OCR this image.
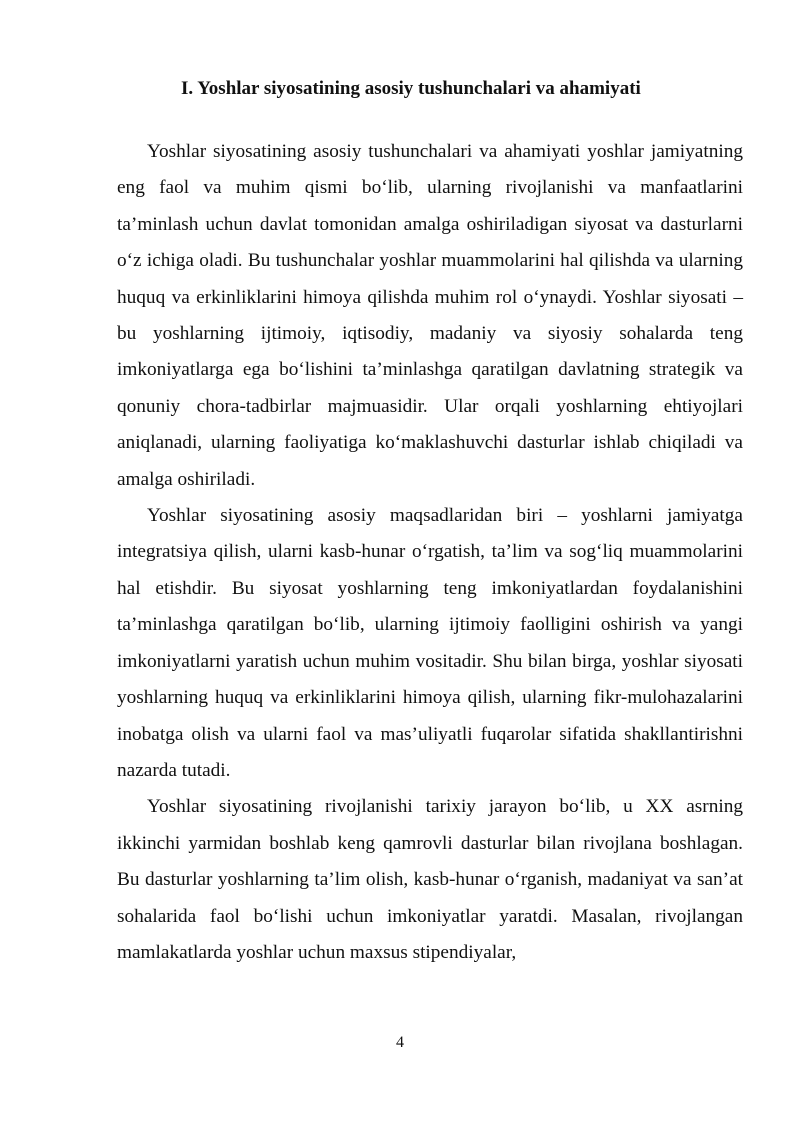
I. Yoshlar siyosatining asosiy tushunchalari va ahamiyati

Yoshlar siyosatining asosiy tushunchalari va ahamiyati yoshlar jamiyatning eng faol va muhim qismi bo‘lib, ularning rivojlanishi va manfaatlarini ta’minlash uchun davlat tomonidan amalga oshiriladigan siyosat va dasturlarni o‘z ichiga oladi. Bu tushunchalar yoshlar muammolarini hal qilishda va ularning huquq va erkinliklarini himoya qilishda muhim rol o‘ynaydi. Yoshlar siyosati – bu yoshlarning ijtimoiy, iqtisodiy, madaniy va siyosiy sohalarda teng imkoniyatlarga ega bo‘lishini ta’minlashga qaratilgan davlatning strategik va qonuniy chora-tadbirlar majmuasidir. Ular orqali yoshlarning ehtiyojlari aniqlanadi, ularning faoliyatiga ko‘maklashuvchi dasturlar ishlab chiqiladi va amalga oshiriladi.

Yoshlar siyosatining asosiy maqsadlaridan biri – yoshlarni jamiyatga integratsiya qilish, ularni kasb-hunar o‘rgatish, ta’lim va sog‘liq muammolarini hal etishdir. Bu siyosat yoshlarning teng imkoniyatlardan foydalanishini ta’minlashga qaratilgan bo‘lib, ularning ijtimoiy faolligini oshirish va yangi imkoniyatlarni yaratish uchun muhim vositadir. Shu bilan birga, yoshlar siyosati yoshlarning huquq va erkinliklarini himoya qilish, ularning fikr-mulohazalarini inobatga olish va ularni faol va mas’uliyatli fuqarolar sifatida shakllantirishni nazarda tutadi.

Yoshlar siyosatining rivojlanishi tarixiy jarayon bo‘lib, u XX asrning ikkinchi yarmidan boshlab keng qamrovli dasturlar bilan rivojlana boshlagan. Bu dasturlar yoshlarning ta’lim olish, kasb-hunar o‘rganish, madaniyat va san’at sohalarida faol bo‘lishi uchun imkoniyatlar yaratdi. Masalan, rivojlangan mamlakatlarda yoshlar uchun maxsus stipendiyalar,

4
